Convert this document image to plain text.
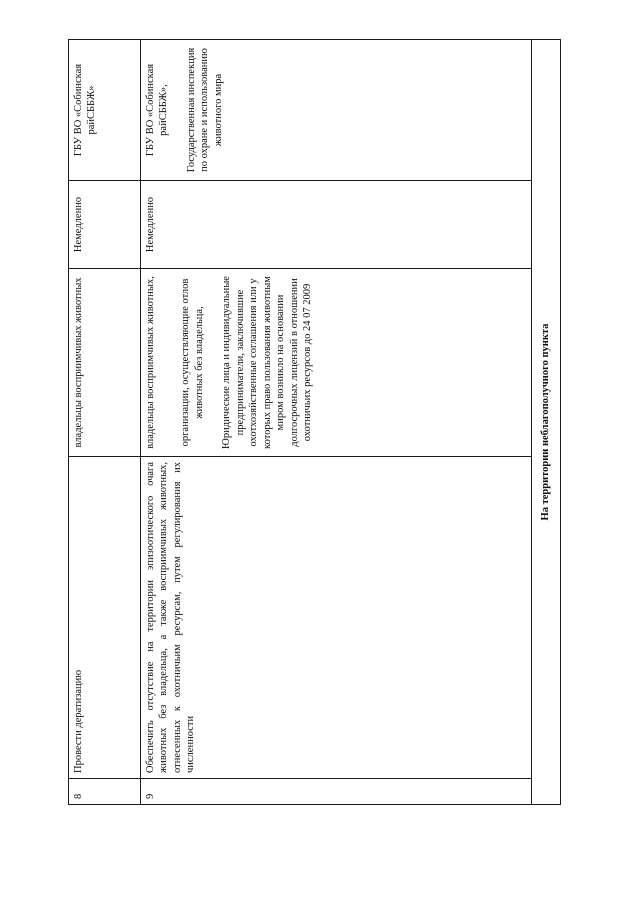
8	Провести дератизацию	владельцы восприимчивых животных	Немедленно	ГБУ ВО «Собинская райСББЖ»
9	Обеспечить отсутствие на территории эпизоотического очага животных без владельца, а также восприимчивых животных, отнесенных к охотничьим ресурсам, путем регулирования их численности	владельцы восприимчивых животных, организации, осуществляющие отлов животных без владельца, Юридические лица и индивидуальные предприниматели, заключившие охотхозяйственные соглашения или у которых право пользования животным миром возникло на основании долгосрочных лицензий в отношении охотничьих ресурсов до 24 07 2009	Немедленно	ГБУ ВО «Собинская райСББЖ», Государственная инспекция по охране и использованию животного мира

На территории неблагополучного пункта				
